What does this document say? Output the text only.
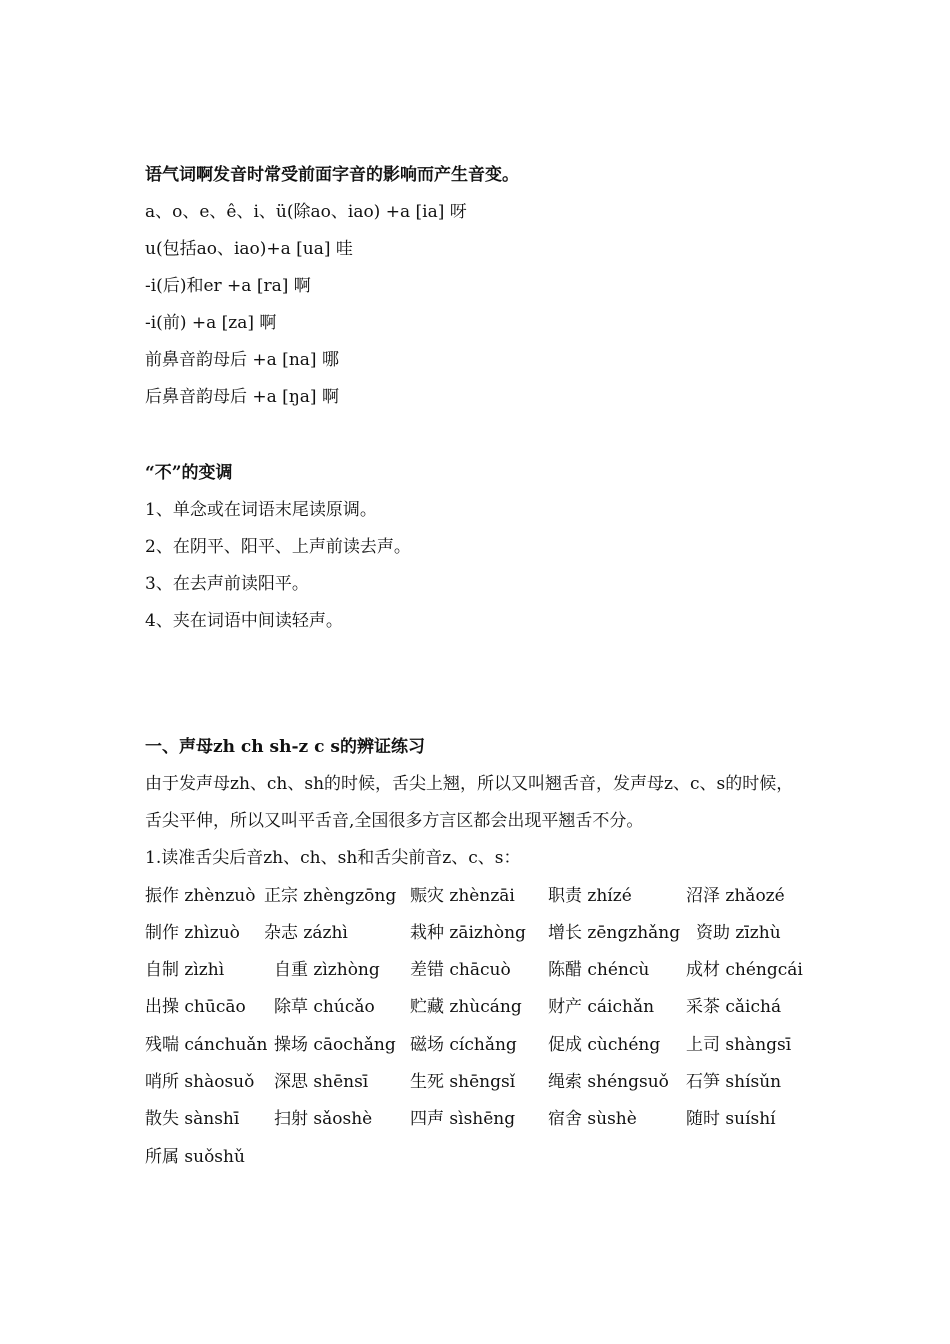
语气词啊发音时常受前面字音的影响而产生音变。
a、o、e、ê、i、ü(除ao、iao) +a [ia] 呀
u(包括ao、iao)+a [ua] 哇
-i(后)和er +a [ra] 啊
-i(前) +a [za] 啊
前鼻音韵母后 +a [na] 哪
后鼻音韵母后 +a [ŋa] 啊
“不”的变调
1、单念或在词语末尾读原调。
2、在阴平、阳平、上声前读去声。
3、在去声前读阳平。
4、夹在词语中间读轻声。
一、声母zh ch sh-z c s的辨证练习
由于发声母zh、ch、sh的时候，舌尖上翘，所以又叫翘舌音，发声母z、c、s的时候，
舌尖平伸，所以又叫平舌音,全国很多方言区都会出现平翘舌不分。
1.读准舌尖后音zh、ch、sh和舌尖前音z、c、s：
振作 zhènzuò 正宗 zhèngzōng 赈灾 zhènzāi 职责 zhízé	沼泽 zhǎozé
制作 zhìzuò 杂志 zázhì	栽种 zāizhòng 增长 zēngzhǎng 资助 zīzhù
自制 zìzhì	自重 zìzhòng 差错 chācuò 陈醋 chéncù 成材 chéngcái
出操 chūcāo 除草 chúcǎo 贮藏 zhùcáng 财产 cáichǎn 采茶 cǎichá
残喘 cánchuǎn 操场 cāochǎng 磁场 cíchǎng 促成 cùchéng 上司 shàngsī
哨所 shàosuǒ 深思 shēnsī 生死 shēngsǐ 绳索 shéngsuǒ 石笋 shísǔn
散失 sànshī 扫射 sǎoshè 四声 sìshēng 宿舍 sùshè	随时 suíshí
所属 suǒshǔ
